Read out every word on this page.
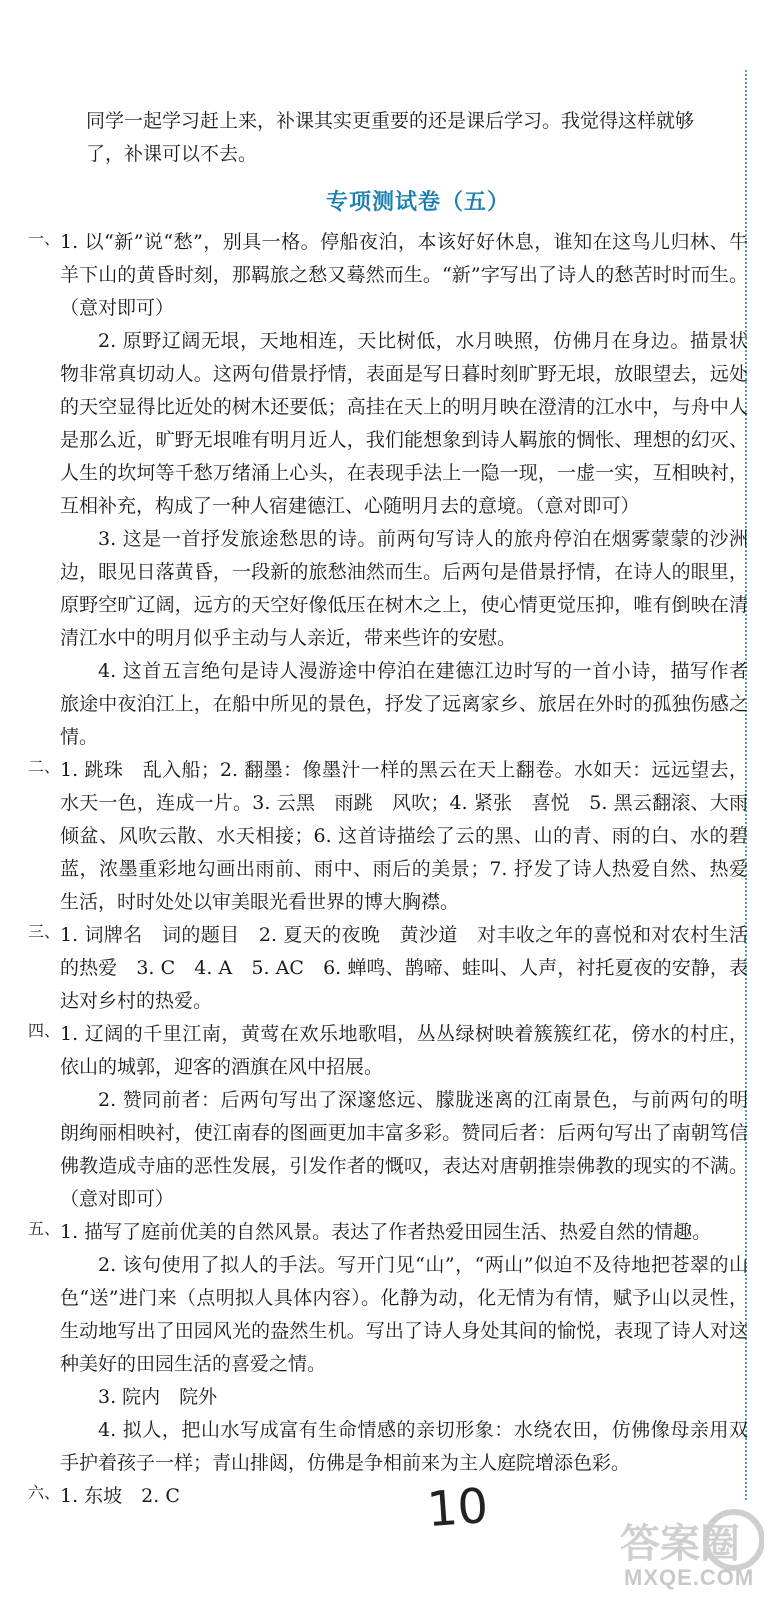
同学一起学习赶上来，补课其实更重要的还是课后学习。我觉得这样就够

了，补课可以不去。

专项测试卷（五）
一、 1. 以“新”说“愁”，别具一格。停船夜泊，本该好好休息，谁知在这鸟儿归林、牛羊下山的黄昏时刻，那羁旅之愁又蓦然而生。“新”字写出了诗人的愁苦时时而生。（意对即可）

2. 原野辽阔无垠，天地相连，天比树低，水月映照，仿佛月在身边。描景状物非常真切动人。这两句借景抒情，表面是写日暮时刻旷野无垠，放眼望去，远处的天空显得比近处的树木还要低；高挂在天上的明月映在澄清的江水中，与舟中人是那么近，旷野无垠唯有明月近人，我们能想象到诗人羁旅的惆怅、理想的幻灭、人生的坎坷等千愁万绪涌上心头，在表现手法上一隐一现，一虚一实，互相映衬，互相补充，构成了一种人宿建德江、心随明月去的意境。（意对即可）

3. 这是一首抒发旅途愁思的诗。前两句写诗人的旅舟停泊在烟雾蒙蒙的沙洲边，眼见日落黄昏，一段新的旅愁油然而生。后两句是借景抒情，在诗人的眼里，原野空旷辽阔，远方的天空好像低压在树木之上，使心情更觉压抑，唯有倒映在清清江水中的明月似乎主动与人亲近，带来些许的安慰。

4. 这首五言绝句是诗人漫游途中停泊在建德江边时写的一首小诗，描写作者旅途中夜泊江上，在船中所见的景色，抒发了远离家乡、旅居在外时的孤独伤感之情。

二、 1. 跳珠　乱入船；2. 翻墨：像墨汁一样的黑云在天上翻卷。水如天：远远望去，水天一色，连成一片。3. 云黑　雨跳　风吹；4. 紧张　喜悦　5. 黑云翻滚、大雨倾盆、风吹云散、水天相接；6. 这首诗描绘了云的黑、山的青、雨的白、水的碧蓝，浓墨重彩地勾画出雨前、雨中、雨后的美景；7. 抒发了诗人热爱自然、热爱生活，时时处处以审美眼光看世界的博大胸襟。

三、 1. 词牌名　词的题目　2. 夏天的夜晚　黄沙道　对丰收之年的喜悦和对农村生活的热爱　3. C　4. A　5. AC　6. 蝉鸣、鹊啼、蛙叫、人声，衬托夏夜的安静，表达对乡村的热爱。

四、 1. 辽阔的千里江南，黄莺在欢乐地歌唱，丛丛绿树映着簇簇红花，傍水的村庄，依山的城郭，迎客的酒旗在风中招展。

2. 赞同前者：后两句写出了深邃悠远、朦胧迷离的江南景色，与前两句的明朗绚丽相映衬，使江南春的图画更加丰富多彩。赞同后者：后两句写出了南朝笃信佛教造成寺庙的恶性发展，引发作者的慨叹，表达对唐朝推崇佛教的现实的不满。（意对即可）

五、 1. 描写了庭前优美的自然风景。表达了作者热爱田园生活、热爱自然的情趣。

2. 该句使用了拟人的手法。写开门见“山”，“两山”似迫不及待地把苍翠的山色“送”进门来（点明拟人具体内容）。化静为动，化无情为有情，赋予山以灵性，生动地写出了田园风光的盎然生机。写出了诗人身处其间的愉悦，表现了诗人对这种美好的田园生活的喜爱之情。

3. 院内　院外

4. 拟人，把山水写成富有生命情感的亲切形象：水绕农田，仿佛像母亲用双手护着孩子一样；青山排闼，仿佛是争相前来为主人庭院增添色彩。

六、 1. 东坡　2. C	10
答案圈
MXQE.COM
